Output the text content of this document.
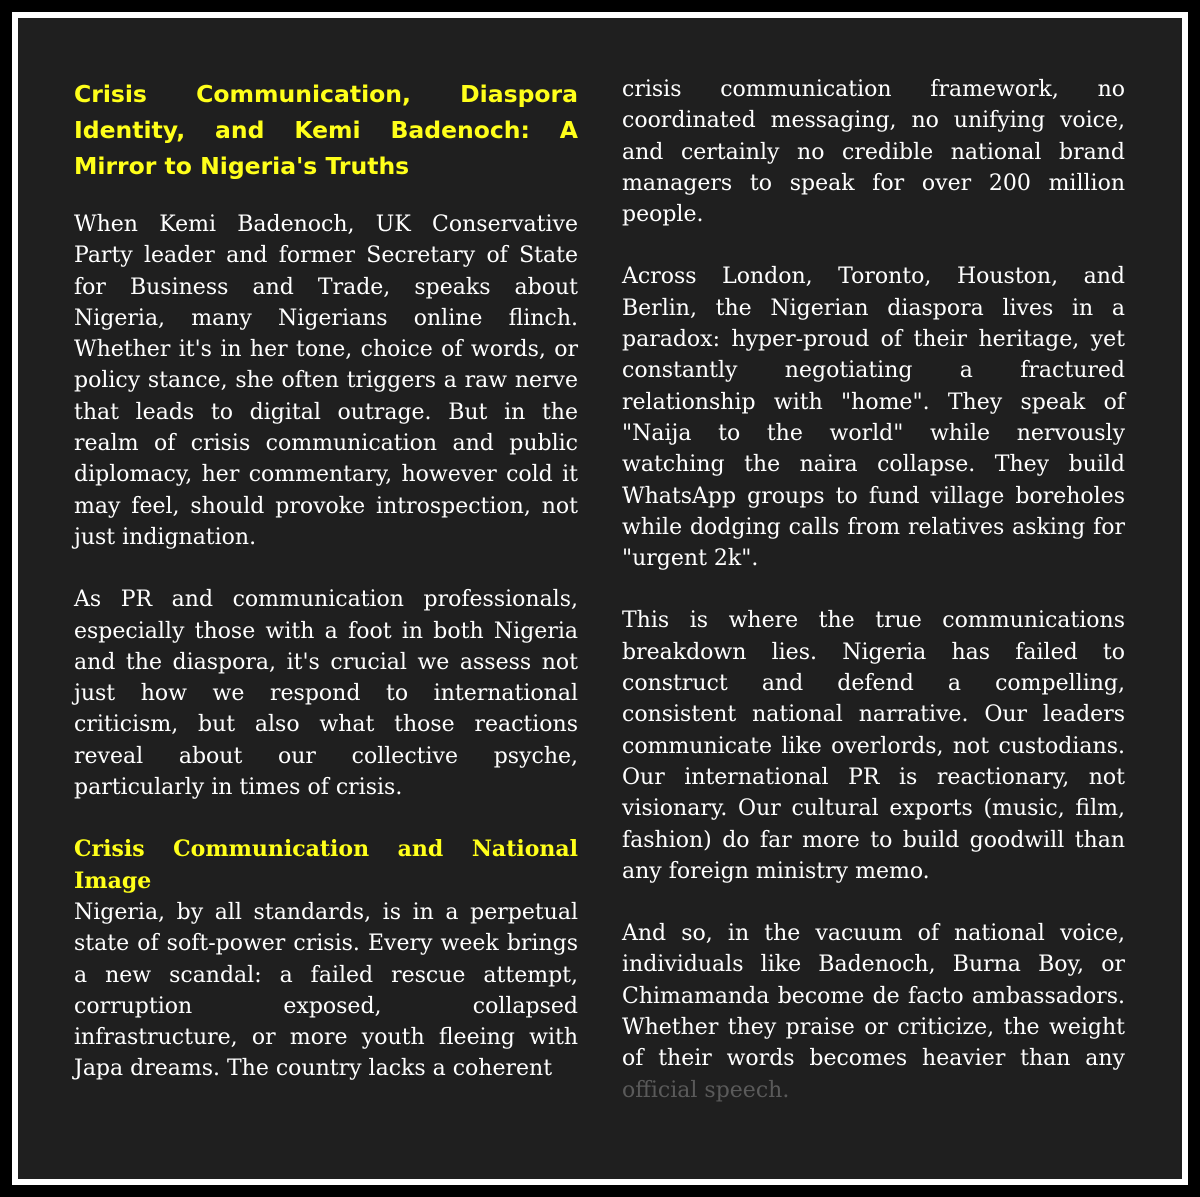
Crisis Communication, Diaspora Identity, and Kemi Badenoch: A Mirror to Nigeria's Truths

When Kemi Badenoch, UK Conservative Party leader and former Secretary of State for Business and Trade, speaks about Nigeria, many Nigerians online flinch. Whether it's in her tone, choice of words, or policy stance, she often triggers a raw nerve that leads to digital outrage. But in the realm of crisis communication and public diplomacy, her commentary, however cold it may feel, should provoke introspection, not just indignation.

As PR and communication professionals, especially those with a foot in both Nigeria and the diaspora, it's crucial we assess not just how we respond to international criticism, but also what those reactions reveal about our collective psyche, particularly in times of crisis.

Crisis Communication and National Image

Nigeria, by all standards, is in a perpetual state of soft-power crisis. Every week brings a new scandal: a failed rescue attempt, corruption exposed, collapsed infrastructure, or more youth fleeing with Japa dreams. The country lacks a coherent

crisis communication framework, no coordinated messaging, no unifying voice, and certainly no credible national brand managers to speak for over 200 million people.

Across London, Toronto, Houston, and Berlin, the Nigerian diaspora lives in a paradox: hyper-proud of their heritage, yet constantly negotiating a fractured relationship with "home". They speak of "Naija to the world" while nervously watching the naira collapse. They build WhatsApp groups to fund village boreholes while dodging calls from relatives asking for "urgent 2k".

This is where the true communications breakdown lies. Nigeria has failed to construct and defend a compelling, consistent national narrative. Our leaders communicate like overlords, not custodians. Our international PR is reactionary, not visionary. Our cultural exports (music, film, fashion) do far more to build goodwill than any foreign ministry memo.

And so, in the vacuum of national voice, individuals like Badenoch, Burna Boy, or Chimamanda become de facto ambassadors. Whether they praise or criticize, the weight of their words becomes heavier than any official speech.
